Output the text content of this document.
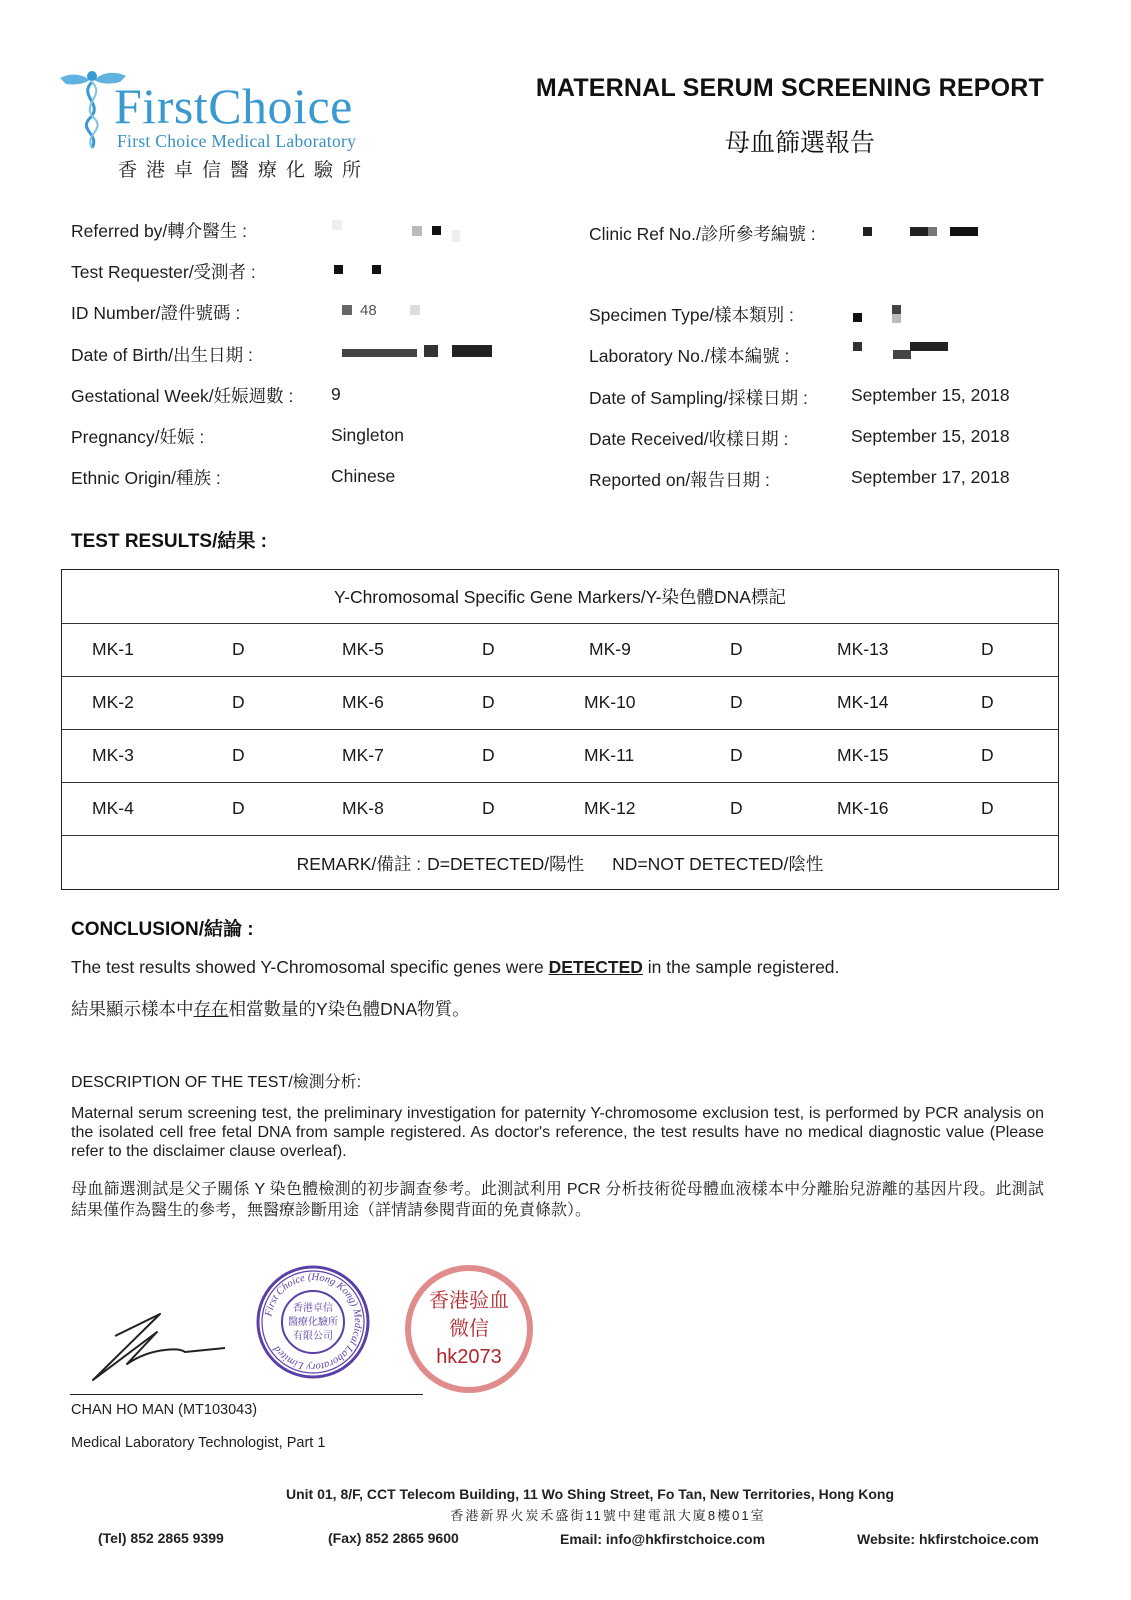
FirstChoice
First Choice Medical Laboratory
香港卓信醫療化驗所
MATERNAL SERUM SCREENING REPORT
母血篩選報告
Referred by/轉介醫生 :
Test Requester/受測者 :
ID Number/證件號碼 :	48
Date of Birth/出生日期 :
Gestational Week/妊娠週數 : 9
Pregnancy/妊娠 :	Singleton
Ethnic Origin/種族 :	Chinese
Clinic Ref No./診所參考編號 :
Specimen Type/樣本類別 :
Laboratory No./樣本編號 :
Date of Sampling/採樣日期 : September 15, 2018
Date Received/收樣日期 :	September 15, 2018
Reported on/報告日期 :	September 17, 2018
TEST RESULTS/結果 :
Y-Chromosomal Specific Gene Markers/Y-染色體DNA標記
MK-1	D	MK-5	D	MK-9	D	MK-13	D
MK-2	D	MK-6	D	MK-10	D	MK-14	D
MK-3	D	MK-7	D	MK-11	D	MK-15	D
MK-4	D	MK-8	D	MK-12	D	MK-16	D
REMARK/備註 : D=DETECTED/陽性 ND=NOT DETECTED/陰性
CONCLUSION/結論 :
The test results showed Y-Chromosomal specific genes were DETECTED in the sample registered.
結果顯示樣本中存在相當數量的Y染色體DNA物質。
DESCRIPTION OF THE TEST/檢測分析:
Maternal serum screening test, the preliminary investigation for paternity Y-chromosome exclusion test, is performed by PCR analysis on the isolated cell free fetal DNA from sample registered. As doctor's reference, the test results have no medical diagnostic value (Please refer to the disclaimer clause overleaf).
母血篩選測試是父子關係 Y 染色體檢測的初步調查參考。此測試利用 PCR 分析技術從母體血液樣本中分離胎兒游離的基因片段。此測試結果僅作為醫生的參考，無醫療診斷用途（詳情請參閱背面的免責條款）。
First Choice (Hong Kong) Medical Laboratory Limited
香港卓信
醫療化驗所
有限公司
香港验血
微信
hk2073
CHAN HO MAN (MT103043)
Medical Laboratory Technologist, Part 1
Unit 01, 8/F, CCT Telecom Building, 11 Wo Shing Street, Fo Tan, New Territories, Hong Kong
香港新界火炭禾盛街11號中建電訊大廈8樓01室
(Tel) 852 2865 9399	(Fax) 852 2865 9600	Email: info@hkfirstchoice.com	Website: hkfirstchoice.com
